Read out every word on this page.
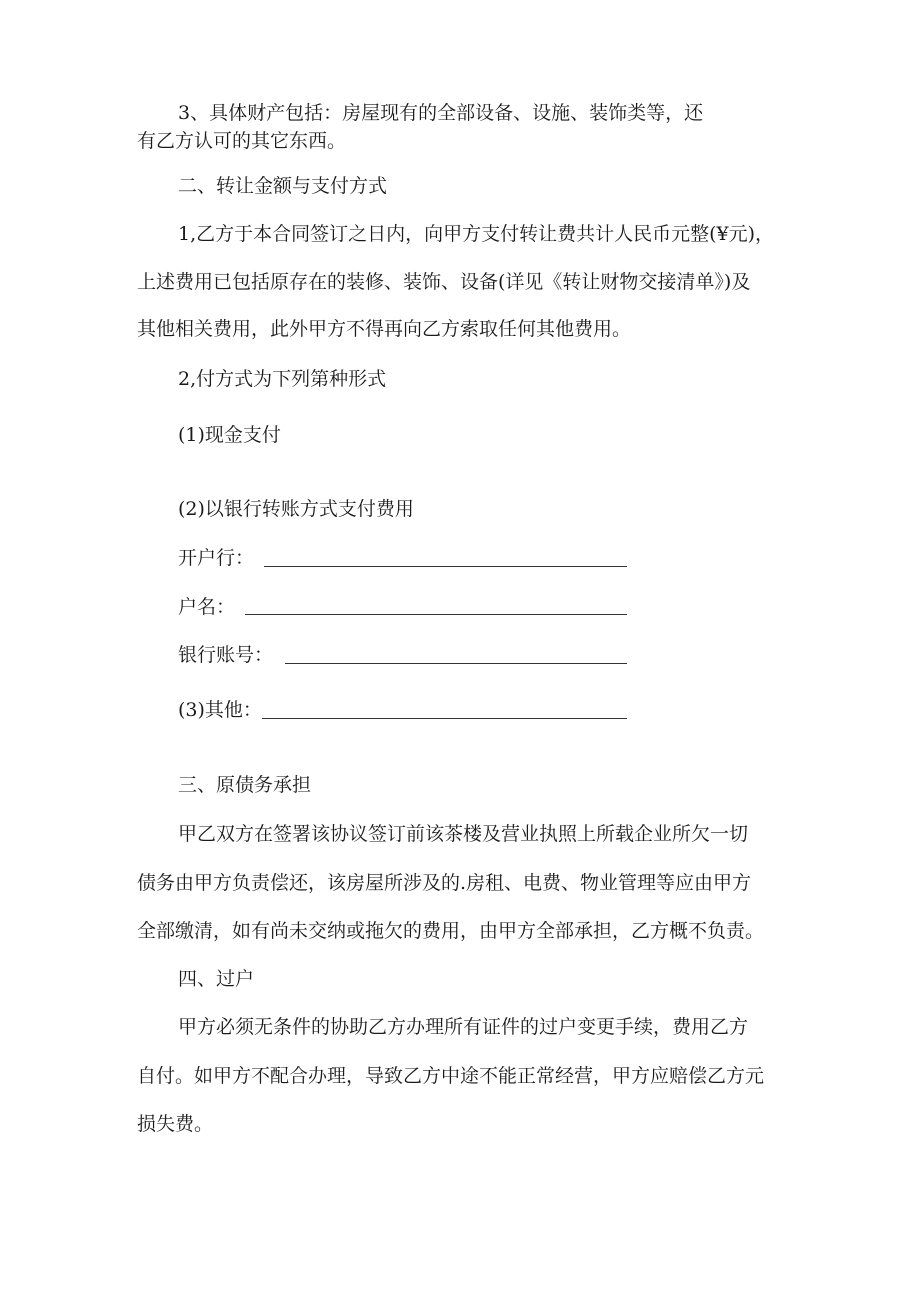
3、具体财产包括：房屋现有的全部设备、设施、装饰类等，还
有乙方认可的其它东西。
二、转让金额与支付方式
1,乙方于本合同签订之日内，向甲方支付转让费共计人民币元整(¥元)，
上述费用已包括原存在的装修、装饰、设备(详见《转让财物交接清单》)及
其他相关费用，此外甲方不得再向乙方索取任何其他费用。
2,付方式为下列第种形式
(1)现金支付
(2)以银行转账方式支付费用
开户行：
户名：
银行账号：
(3)其他：
三、原债务承担
甲乙双方在签署该协议签订前该茶楼及营业执照上所载企业所欠一切
债务由甲方负责偿还，该房屋所涉及的.房租、电费、物业管理等应由甲方
全部缴清，如有尚未交纳或拖欠的费用，由甲方全部承担，乙方概不负责。
四、过户
甲方必须无条件的协助乙方办理所有证件的过户变更手续，费用乙方
自付。如甲方不配合办理，导致乙方中途不能正常经营，甲方应赔偿乙方元
损失费。
